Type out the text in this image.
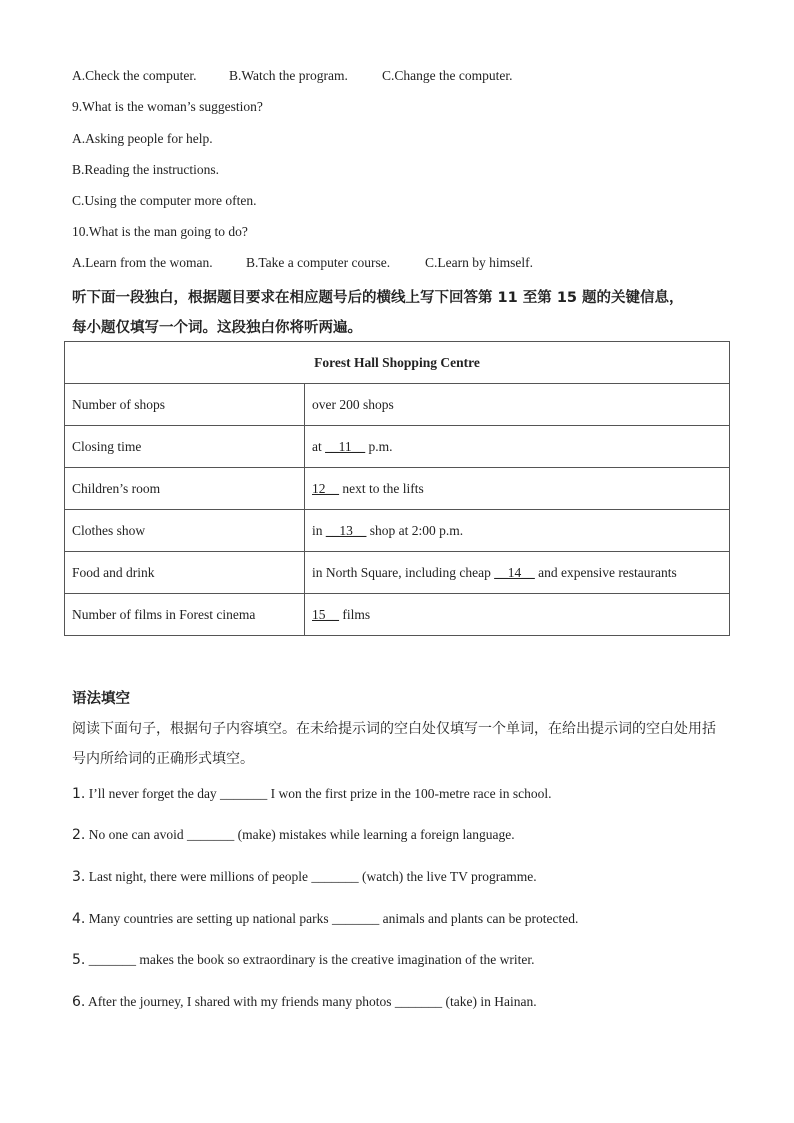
A.Check the computer. B.Watch the program.	C.Change the computer.
9.What is the woman’s suggestion?
A.Asking people for help.
B.Reading the instructions.
C.Using the computer more often.
10.What is the man going to do?
A.Learn from the woman. B.Take a computer course.	C.Learn by himself.
听下面一段独白，根据题目要求在相应题号后的横线上写下回答第 11 至第 15 题的关键信息，
每小题仅填写一个词。这段独白你将听两遍。
Forest Hall Shopping Centre	
Number of shops	over 200 shops
Closing time	at __11__ p.m.
Children’s room	12__ next to the lifts
Clothes show	in __13__ shop at 2:00 p.m.
Food and drink	in North Square, including cheap __14__ and expensive restaurants
Number of films in Forest cinema	15__ films
语法填空
阅读下面句子，根据句子内容填空。在未给提示词的空白处仅填写一个单词，在给出提示词的空白处用括
号内所给词的正确形式填空。
1. I’ll never forget the day _______ I won the first prize in the 100-metre race in school.
2. No one can avoid _______ (make) mistakes while learning a foreign language.
3. Last night, there were millions of people _______ (watch) the live TV programme.
4. Many countries are setting up national parks _______ animals and plants can be protected.
5. _______ makes the book so extraordinary is the creative imagination of the writer.
6. After the journey, I shared with my friends many photos _______ (take) in Hainan.
